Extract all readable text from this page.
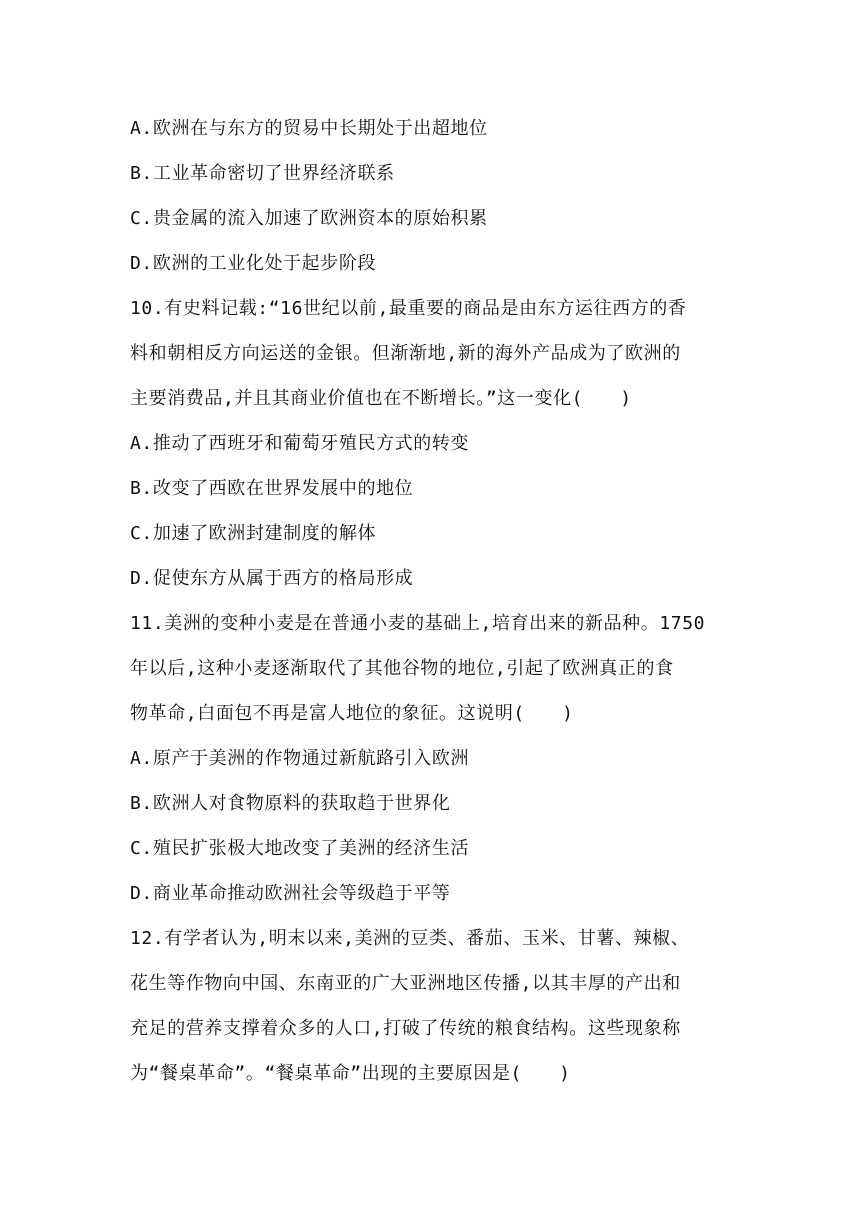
A.欧洲在与东方的贸易中长期处于出超地位
B.工业革命密切了世界经济联系
C.贵金属的流入加速了欧洲资本的原始积累
D.欧洲的工业化处于起步阶段
10.有史料记载:“16世纪以前,最重要的商品是由东方运往西方的香
料和朝相反方向运送的金银。但渐渐地,新的海外产品成为了欧洲的
主要消费品,并且其商业价值也在不断增长。”这一变化(　　)
A.推动了西班牙和葡萄牙殖民方式的转变
B.改变了西欧在世界发展中的地位
C.加速了欧洲封建制度的解体
D.促使东方从属于西方的格局形成
11.美洲的变种小麦是在普通小麦的基础上,培育出来的新品种。1750
年以后,这种小麦逐渐取代了其他谷物的地位,引起了欧洲真正的食
物革命,白面包不再是富人地位的象征。这说明(　　)
A.原产于美洲的作物通过新航路引入欧洲
B.欧洲人对食物原料的获取趋于世界化
C.殖民扩张极大地改变了美洲的经济生活
D.商业革命推动欧洲社会等级趋于平等
12.有学者认为,明末以来,美洲的豆类、番茄、玉米、甘薯、辣椒、
花生等作物向中国、东南亚的广大亚洲地区传播,以其丰厚的产出和
充足的营养支撑着众多的人口,打破了传统的粮食结构。这些现象称
为“餐桌革命”。“餐桌革命”出现的主要原因是(　　)
